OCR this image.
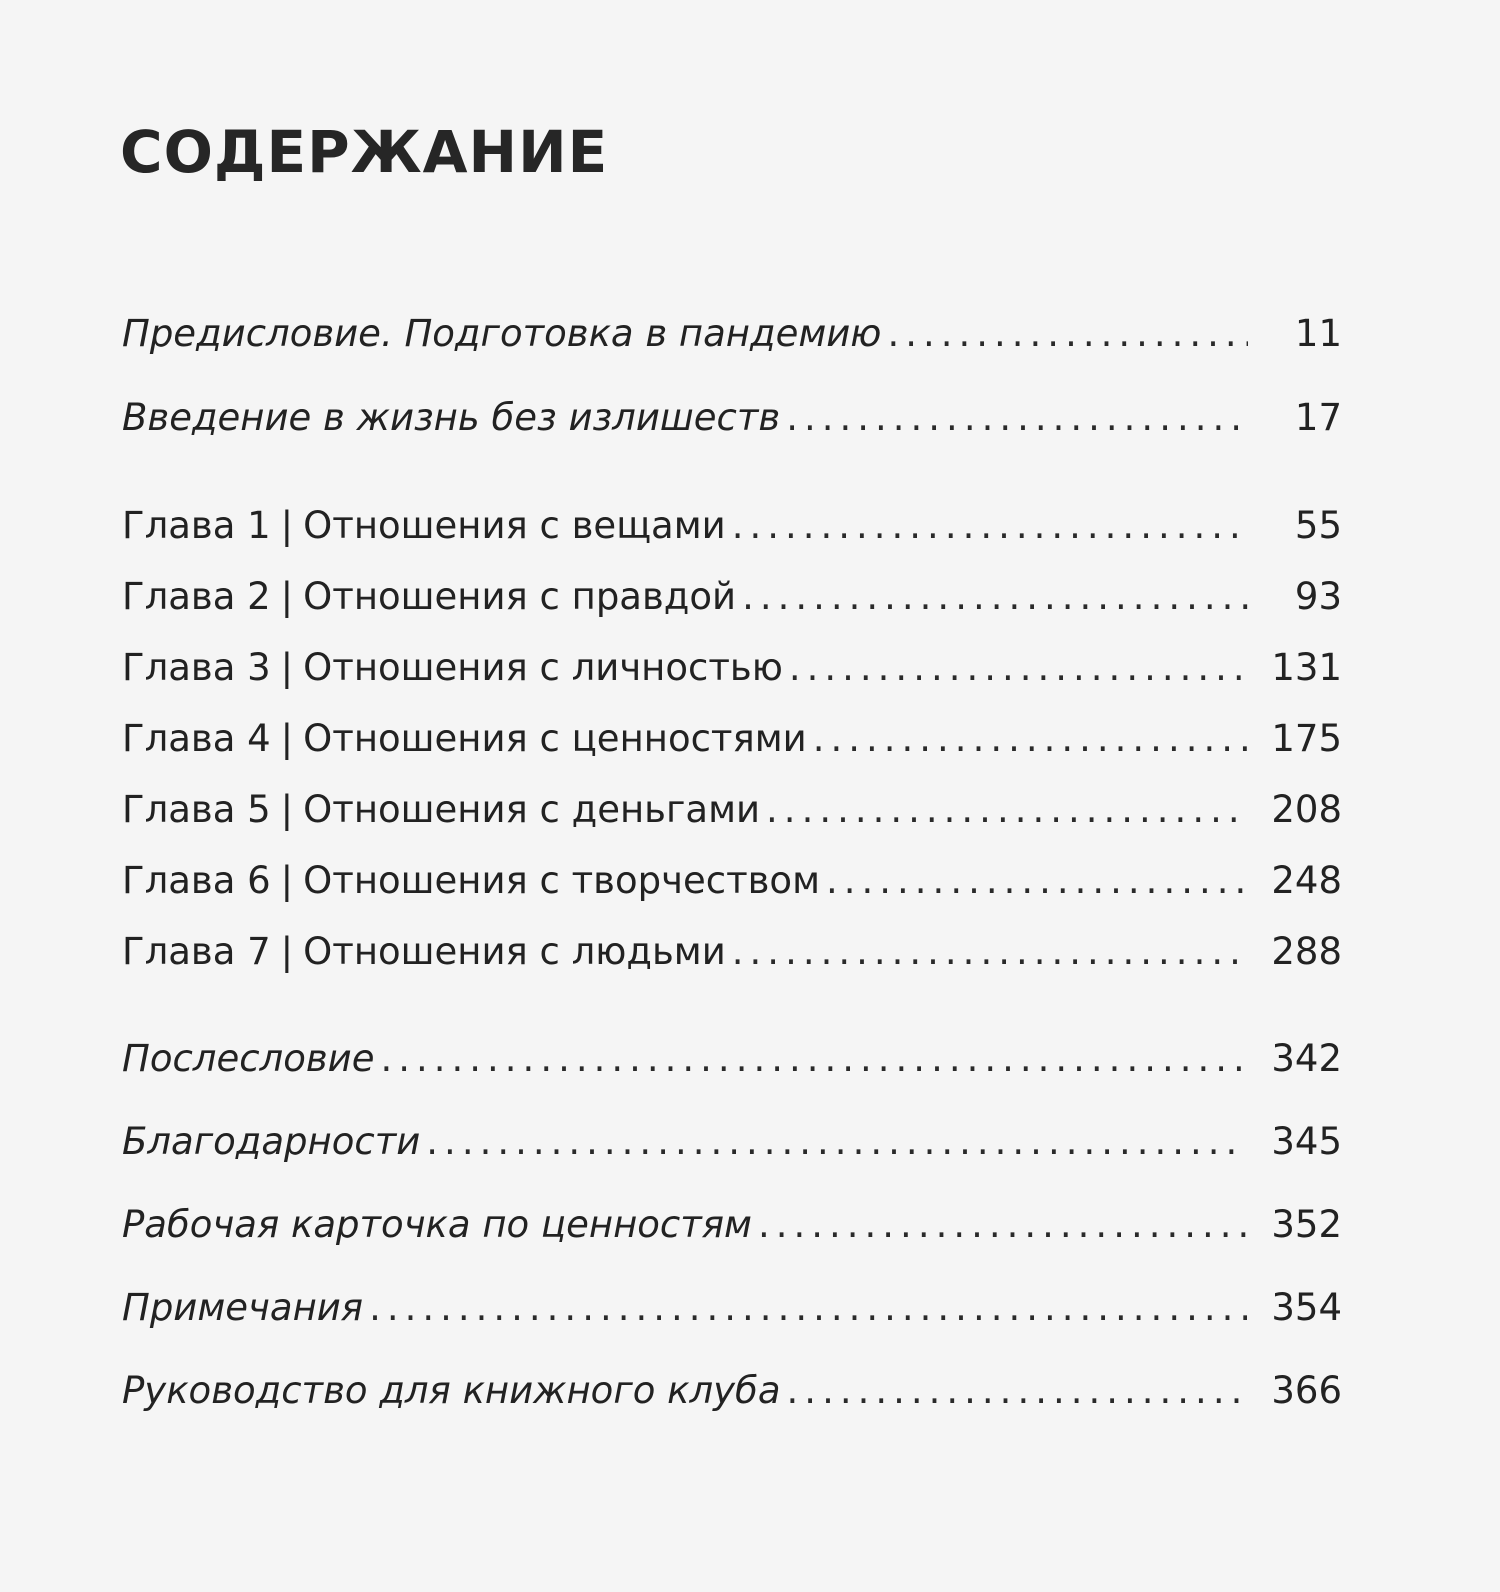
СОДЕРЖАНИЕ
Предисловие. Подготовка в пандемию .....	11
Введение в жизнь без излишеств .....	17
Глава 1 | Отношения с вещами .....	55
Глава 2 | Отношения с правдой .....	93
Глава 3 | Отношения с личностью .....	131
Глава 4 | Отношения с ценностями .....	175
Глава 5 | Отношения с деньгами .....	208
Глава 6 | Отношения с творчеством .....	248
Глава 7 | Отношения с людьми .....	288
Послесловие .....	342
Благодарности .....	345
Рабочая карточка по ценностям .....	352
Примечания .....	354
Руководство для книжного клуба .....	366
